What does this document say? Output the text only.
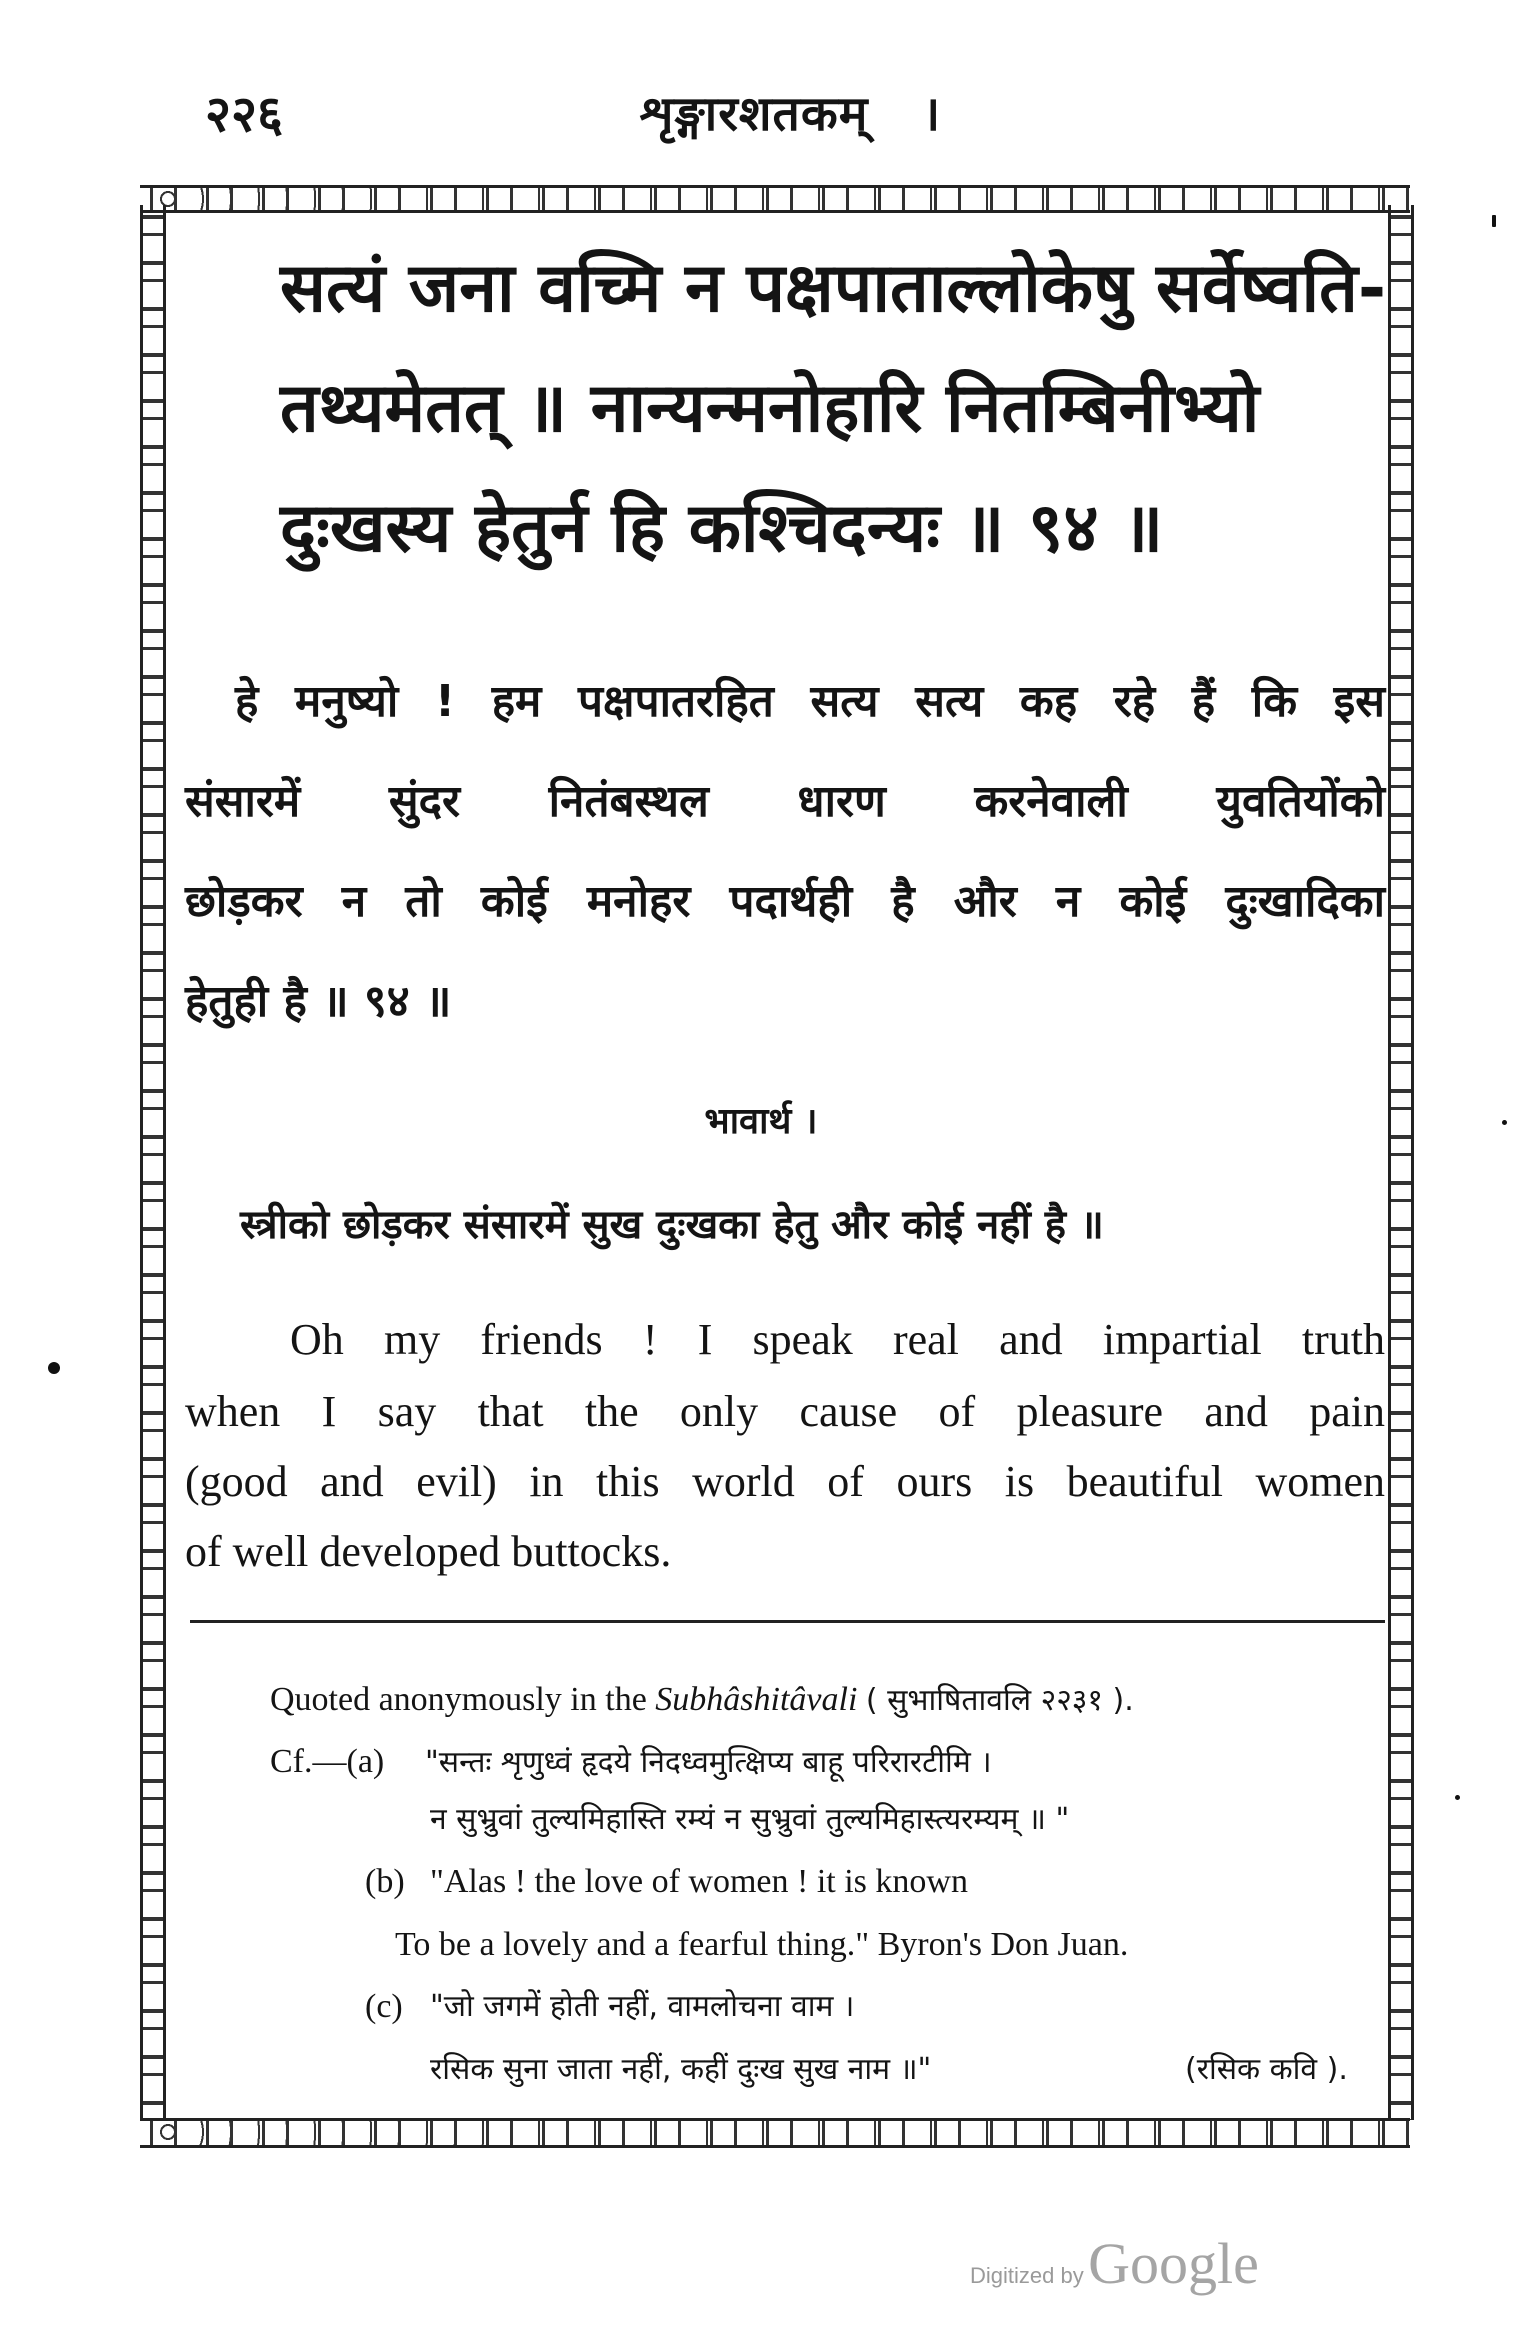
२२६	शृङ्गारशतकम् ।
सत्यं जना वच्मि न पक्षपाताल्लोकेषु सर्वेष्वति-
तथ्यमेतत् ॥ नान्यन्मनोहारि नितम्बिनीभ्यो
दुःखस्य हेतुर्न हि कश्चिदन्यः ॥ ९४ ॥
हे मनुष्यो ! हम पक्षपातरहित सत्य सत्य कह रहे हैं कि इस
संसारमें सुंदर नितंबस्थल धारण करनेवाली युवतियोंको
छोड़कर न तो कोई मनोहर पदार्थही है और न कोई दुःखादिका
हेतुही है ॥ ९४ ॥
भावार्थ ।
स्त्रीको छोड़कर संसारमें सुख दुःखका हेतु और कोई नहीं है ॥
Oh my friends ! I speak real and impartial truth
when I say that the only cause of pleasure and pain
(good and evil) in this world of ours is beautiful women
of well developed buttocks.
Quoted anonymously in the Subhâshitâvali ( सुभाषितावलि २२३१ ).
Cf.—(a) "सन्तः शृणुध्वं हृदये निदध्वमुत्क्षिप्य बाहू परिरारटीमि ।
न सुभ्रुवां तुल्यमिहास्ति रम्यं न सुभ्रुवां तुल्यमिहास्त्यरम्यम् ॥ "
(b) "Alas ! the love of women ! it is known
To be a lovely and a fearful thing." Byron's Don Juan.
(c) "जो जगमें होती नहीं, वामलोचना वाम ।
रसिक सुना जाता नहीं, कहीं दुःख सुख नाम ॥"	(रसिक कवि ).
Digitized by Google
